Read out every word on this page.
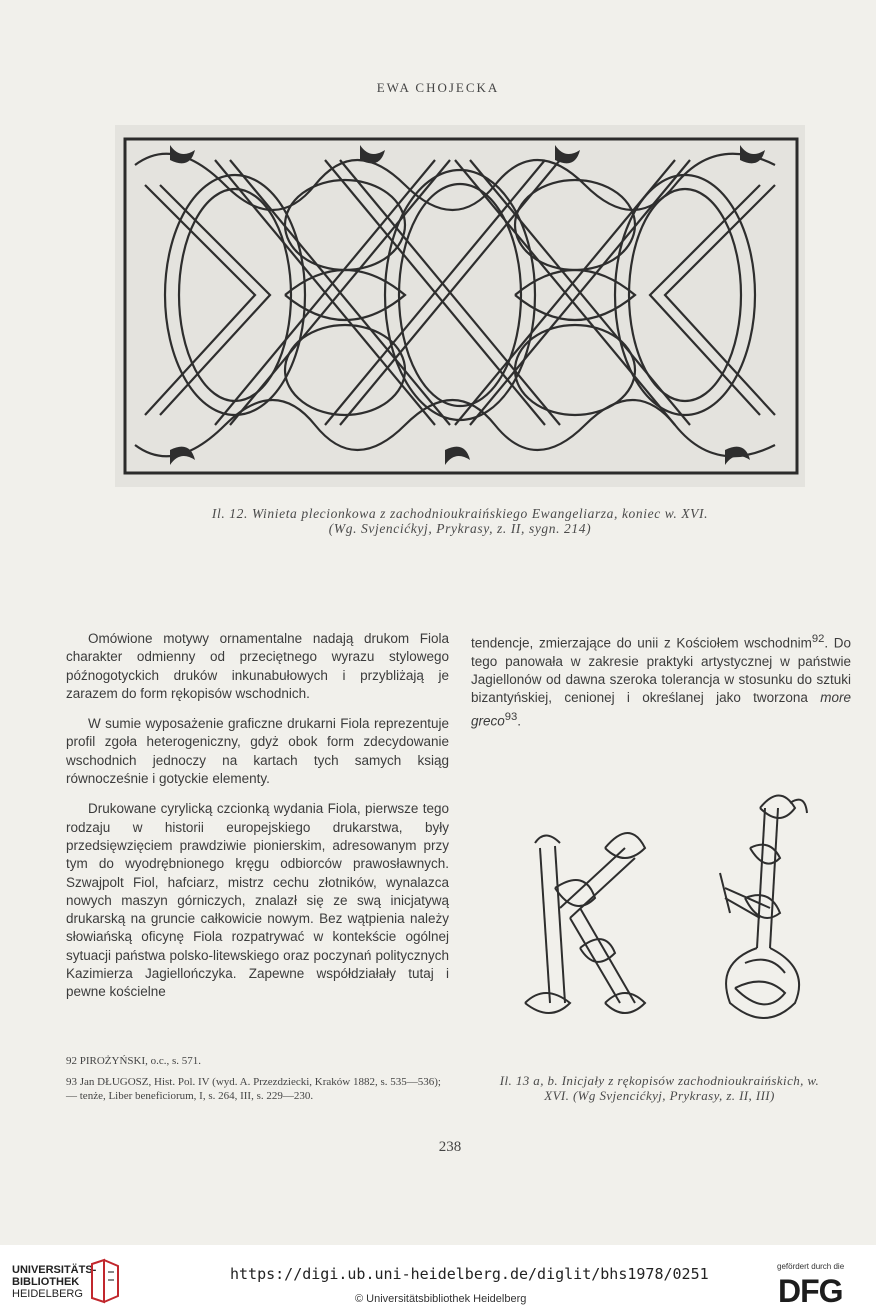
EWA CHOJECKA
Il. 12. Winieta plecionkowa z zachodnioukraińskiego Ewangeliarza, koniec w. XVI.
(Wg. Svjencićkyj, Prykrasy, z. II, sygn. 214)

Omówione motywy ornamentalne nadają drukom Fiola charakter odmienny od przeciętnego wyrazu stylowego późnogotyckich druków inkunabułowych i przybliżają je zarazem do form rękopisów wschodnich.

W sumie wyposażenie graficzne drukarni Fiola reprezentuje profil zgoła heterogeniczny, gdyż obok form zdecydowanie wschodnich jednoczy na kartach tych samych ksiąg równocześnie i gotyckie elementy.

Drukowane cyrylicką czcionką wydania Fiola, pierwsze tego rodzaju w historii europejskiego drukarstwa, były przedsięwzięciem prawdziwie pionierskim, adresowanym przy tym do wyodrębnionego kręgu odbiorców prawosławnych. Szwajpolt Fiol, hafciarz, mistrz cechu złotników, wynalazca nowych maszyn górniczych, znalazł się ze swą inicjatywą drukarską na gruncie całkowicie nowym. Bez wątpienia należy słowiańską oficynę Fiola rozpatrywać w kontekście ogólnej sytuacji państwa polsko-litewskiego oraz poczynań politycznych Kazimierza Jagiellończyka. Zapewne współdziałały tutaj i pewne kościelne

tendencje, zmierzające do unii z Kościołem wschodnim$^{92}$. Do tego panowała w zakresie praktyki artystycznej w państwie Jagiellonów od dawna szeroka tolerancja w stosunku do sztuki bizantyńskiej, cenionej i określanej jako tworzona more greco$^{93}$.

92 PIROŻYŃSKI, o.c., s. 571.
93 Jan DŁUGOSZ, Hist. Pol. IV (wyd. A. Przezdziecki, Kraków 1882, s. 535—536); — tenże, Liber beneficiorum, I, s. 264, III, s. 229—230.
Il. 13 a, b. Inicjały z rękopisów zachodnioukraińskich, w. XVI. (Wg Svjencićkyj, Prykrasy, z. II, III)
238
UNIVERSITÄTS-
BIBLIOTHEK
HEIDELBERG
https://digi.ub.uni-heidelberg.de/diglit/bhs1978/0251
© Universitätsbibliothek Heidelberg
gefördert durch die
DFG
